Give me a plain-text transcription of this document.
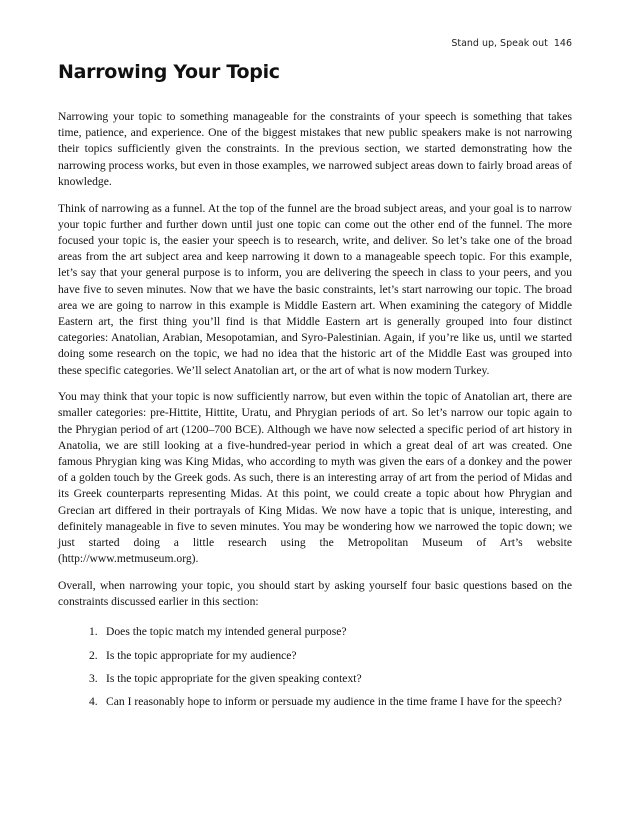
Stand up, Speak out 146
Narrowing Your Topic

Narrowing your topic to something manageable for the constraints of your speech is something that takes time, patience, and experience. One of the biggest mistakes that new public speakers make is not narrowing their topics sufficiently given the constraints. In the previous section, we started demonstrating how the narrowing process works, but even in those examples, we narrowed subject areas down to fairly broad areas of knowledge.

Think of narrowing as a funnel. At the top of the funnel are the broad subject areas, and your goal is to narrow your topic further and further down until just one topic can come out the other end of the funnel. The more focused your topic is, the easier your speech is to research, write, and deliver. So let’s take one of the broad areas from the art subject area and keep narrowing it down to a manageable speech topic. For this example, let’s say that your general purpose is to inform, you are delivering the speech in class to your peers, and you have five to seven minutes. Now that we have the basic constraints, let’s start narrowing our topic. The broad area we are going to narrow in this example is Middle Eastern art. When examining the category of Middle Eastern art, the first thing you’ll find is that Middle Eastern art is generally grouped into four distinct categories: Anatolian, Arabian, Mesopotamian, and Syro-Palestinian. Again, if you’re like us, until we started doing some research on the topic, we had no idea that the historic art of the Middle East was grouped into these specific categories. We’ll select Anatolian art, or the art of what is now modern Turkey.

You may think that your topic is now sufficiently narrow, but even within the topic of Anatolian art, there are smaller categories: pre-Hittite, Hittite, Uratu, and Phrygian periods of art. So let’s narrow our topic again to the Phrygian period of art (1200–700 BCE). Although we have now selected a specific period of art history in Anatolia, we are still looking at a five-hundred-year period in which a great deal of art was created. One famous Phrygian king was King Midas, who according to myth was given the ears of a donkey and the power of a golden touch by the Greek gods. As such, there is an interesting array of art from the period of Midas and its Greek counterparts representing Midas. At this point, we could create a topic about how Phrygian and Grecian art differed in their portrayals of King Midas. We now have a topic that is unique, interesting, and definitely manageable in five to seven minutes. You may be wondering how we narrowed the topic down; we just started doing a little research using the Metropolitan Museum of Art’s website (http://www.metmuseum.org).

Overall, when narrowing your topic, you should start by asking yourself four basic questions based on the constraints discussed earlier in this section:

1. Does the topic match my intended general purpose?
2. Is the topic appropriate for my audience?
3. Is the topic appropriate for the given speaking context?
4. Can I reasonably hope to inform or persuade my audience in the time frame I have for the speech?
